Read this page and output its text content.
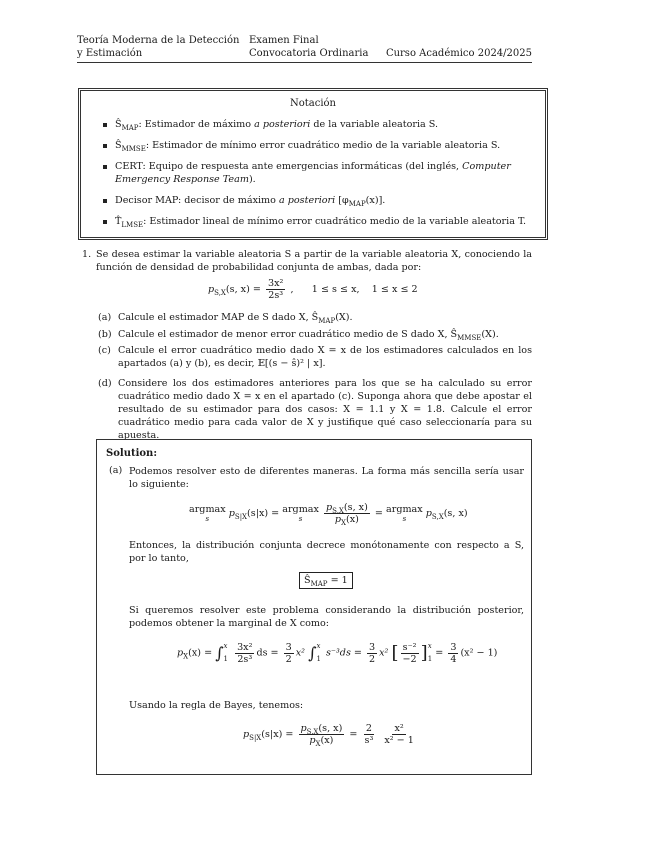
Teoría Moderna de la Detección
y Estimación
Examen Final
Convocatoria Ordinaria Curso Académico 2024/2025
Notación
$Ŝ_{MAP}$: Estimador de máximo a posteriori de la variable aleatoria S.
$Ŝ_{MMSE}$: Estimador de mínimo error cuadrático medio de la variable aleatoria S.
CERT: Equipo de respuesta ante emergencias informáticas (del inglés, Computer Emergency Response Team).
Decisor MAP: decisor de máximo a posteriori $[\varphi_{MAP}(x)]$.
$T̂_{LMSE}$: Estimador lineal de mínimo error cuadrático medio de la variable aleatoria T.
1. Se desea estimar la variable aleatoria S a partir de la variable aleatoria X, conociendo la función de densidad de probabilidad conjunta de ambas, dada por:
$p_{S,X}(s$, $x) = \frac{\text{3x²}}{\text{2s³}}$ ,      1 ≤ s ≤ x,    1 ≤ x ≤ 2
(a) Calcule el estimador MAP de S dado X, $Ŝ_{MAP}(X)$.
(b) Calcule el estimador de menor error cuadrático medio de S dado X, $Ŝ_{MMSE}(X)$.
(c) Calcule el error cuadrático medio dado X = x de los estimadores calculados en los apartados (a) y (b), es decir, 𝔼[(s − ŝ)² | x].
(d) Considere los dos estimadores anteriores para los que se ha calculado su error cuadrático medio dado X = x en el apartado (c). Suponga ahora que debe apostar el resultado de su estimador para dos casos: X = 1.1 y X = 1.8. Calcule el error cuadrático medio para cada valor de X y justifique qué caso seleccionaría para su apuesta.
Solution:
(a) Podemos resolver esto de diferentes maneras. La forma más sencilla sería usar lo siguiente:
argmax
s $p_{S|X}(s|x) = argmax$
s
$\frac{p_{S,X}(s, x)}{p_X(x)} = argmax$
s $p_{S,X}(s$, x)
Entonces, la distribución conjunta decrece monótonamente con respecto a S, por lo tanto,
$Ŝ_{MAP} = 1$
Si queremos resolver este problema considerando la distribución posterior, podemos obtener la marginal de X como:
$p_X(x)$ = ∫ x
1
$\frac{\text{3x²}}{\text{2s³}}$ ds = $\frac{3}{2} x^2$ ∫ x
1
$s^{-3}ds = \frac{3}{2} x^2$ [ $\frac{\text{s⁻²}}{-2}$ ] x
1
= $\frac{3}{4} (x^2 - 1)$
Usando la regla de Bayes, tenemos:
$p_{S|X}(s|x) = \frac{p_{S,X}(s, x)}{p_X(x)} = \frac{2}{\text{s³}}$
$\frac{\text{x²}}{\text{x² − 1}}$
